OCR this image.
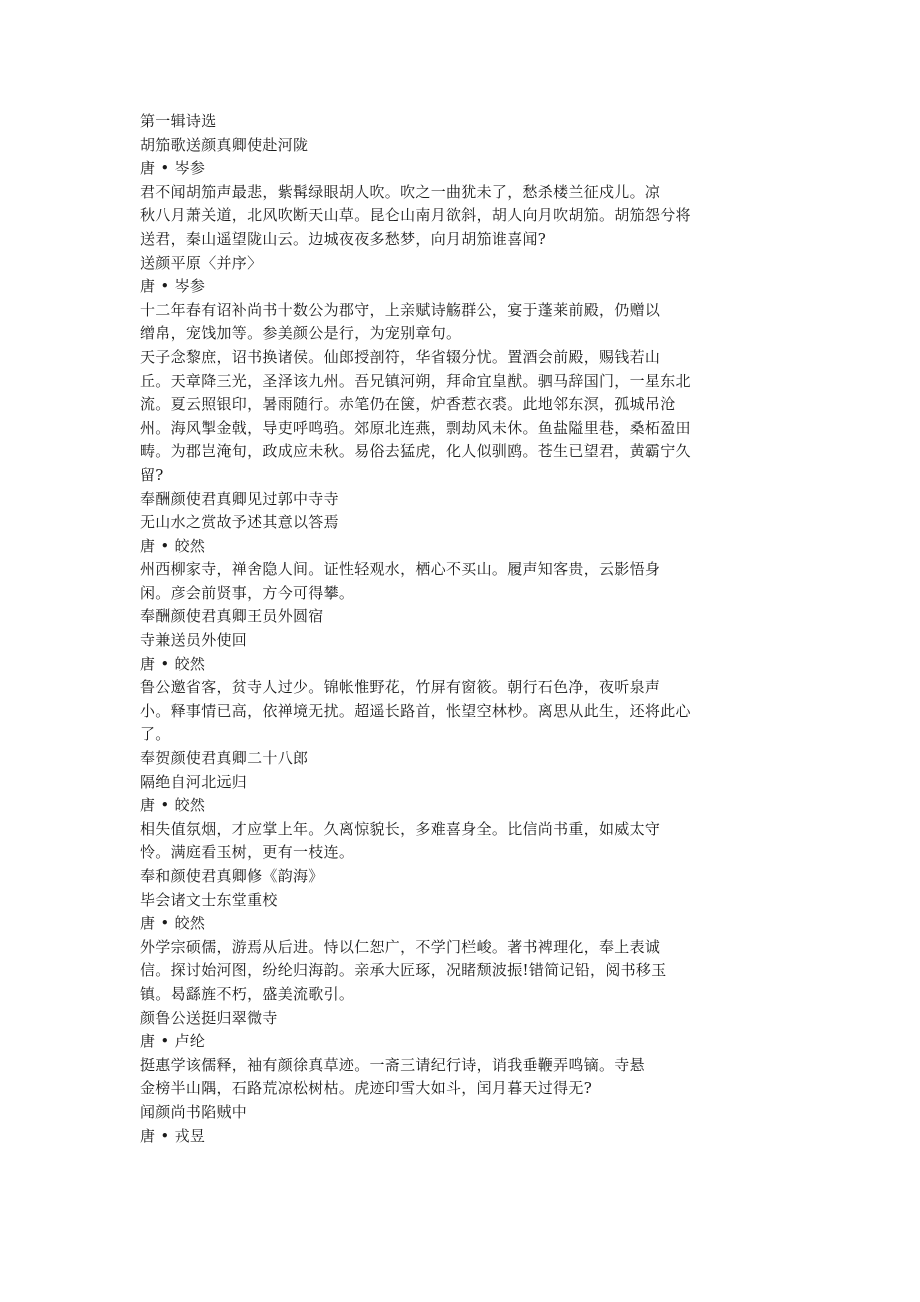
第一辑诗选

胡笳歌送颜真卿使赴河陇

唐 • 岑参

君不闻胡笳声最悲，紫髯绿眼胡人吹。吹之一曲犹未了，愁杀楼兰征戍儿。凉

秋八月萧关道，北风吹断天山草。昆仑山南月欲斜，胡人向月吹胡笳。胡笳怨兮将

送君，秦山遥望陇山云。边城夜夜多愁梦，向月胡笳谁喜闻?

送颜平原〈并序〉

唐 • 岑参

十二年春有诏补尚书十数公为郡守，上亲赋诗觞群公，宴于蓬莱前殿，仍赠以

缯帛，宠饯加等。参美颜公是行，为宠别章句。

天子念黎庶，诏书换诸侯。仙郎授剖符，华省辍分忧。置酒会前殿，赐钱若山

丘。天章降三光，圣泽该九州。吾兄镇河朔，拜命宜皇猷。驷马辞国门，一星东北

流。夏云照银印，暑雨随行。赤笔仍在箧，炉香惹衣裘。此地邻东溟，孤城吊沧

州。海风掣金戟，导吏呼鸣驺。郊原北连燕，剽劫风未休。鱼盐隘里巷，桑柘盈田

畴。为郡岂淹旬，政成应未秋。易俗去猛虎，化人似驯鸥。苍生已望君，黄霸宁久

留?

奉酬颜使君真卿见过郭中寺寺

无山水之赏故予述其意以答焉

唐 • 皎然

州西柳家寺，禅舍隐人间。证性轻观水，栖心不买山。履声知客贵，云影悟身

闲。彦会前贤事，方今可得攀。

奉酬颜使君真卿王员外圆宿

寺兼送员外使回

唐 • 皎然

鲁公邀省客，贫寺人过少。锦帐惟野花，竹屏有窗筱。朝行石色净，夜听泉声

小。释事情已高，依禅境无扰。超遥长路首，怅望空林杪。离思从此生，还将此心

了。

奉贺颜使君真卿二十八郎

隔绝自河北远归

唐 • 皎然

相失值氛烟，才应掌上年。久离惊貌长，多难喜身全。比信尚书重，如威太守

怜。满庭看玉树，更有一枝连。

奉和颜使君真卿修《韵海》

毕会诸文士东堂重校

唐 • 皎然

外学宗硕儒，游焉从后进。恃以仁恕广，不学门栏峻。著书裨理化，奉上表诚

信。探讨始河图，纷纶归海韵。亲承大匠琢，况睹颓波振!错简记铅，阅书移玉

镇。曷繇旌不朽，盛美流歌引。

颜鲁公送挺归翠微寺

唐 • 卢纶

挺惠学该儒释，袖有颜徐真草迹。一斋三请纪行诗，诮我垂鞭弄鸣镝。寺悬

金榜半山隅，石路荒凉松树枯。虎迹印雪大如斗，闰月暮天过得无?

闻颜尚书陷贼中

唐 • 戎昱
